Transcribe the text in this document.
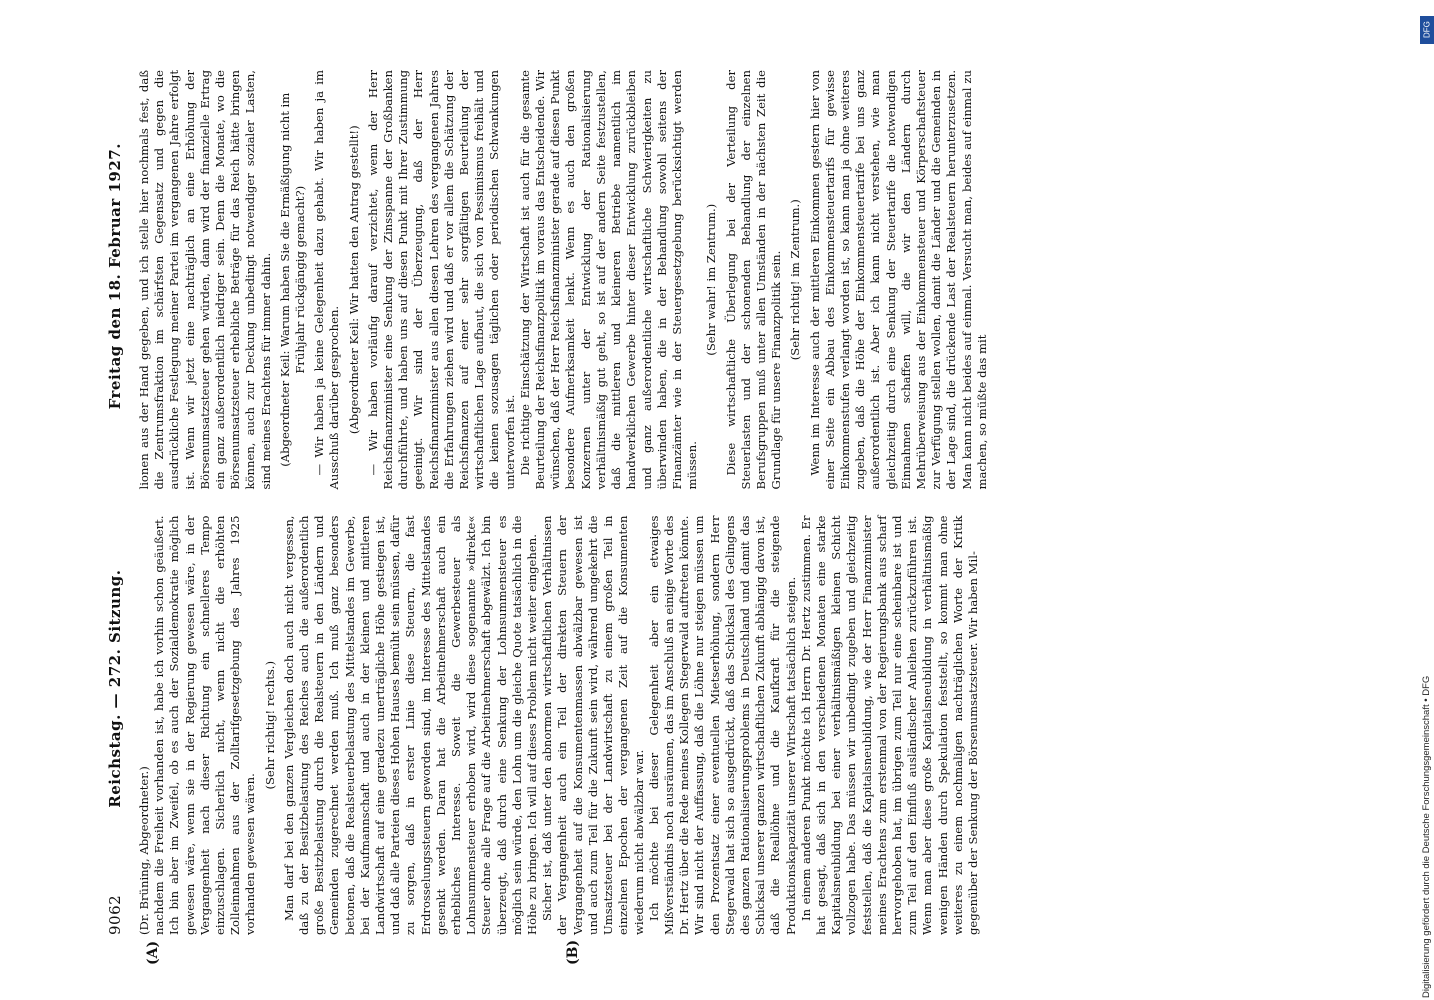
9062
Reichstag. — 272. Sitzung.
Freitag den 18. Februar 1927.

(Dr. Brüning, Abgeordneter.) nachdem die Freiheit vorhanden ist, habe ich vorhin schon geäußert. Ich bin aber im Zweifel, ob es auch der Sozialdemokratie möglich gewesen wäre, wenn sie in der Regierung gewesen wäre, in der Vergangenheit nach dieser Richtung ein schnelleres Tempo einzuschlagen. Sicherlich nicht, wenn nicht die erhöhten Zolleinnahmen aus der Zolltarifgesetzgebung des Jahres 1925 vorhanden gewesen wären.

(Sehr richtig! rechts.) Man darf bei den ganzen Vergleichen doch auch nicht vergessen, daß zu der Besitzbelastung des Reiches auch die außerordentlich große Besitzbelastung durch die Realsteuern in den Ländern und Gemeinden zugerechnet werden muß. Ich muß ganz besonders betonen, daß die Realsteuerbelastung des Mittelstandes im Gewerbe, bei der Kaufmannschaft und auch in der kleinen und mittleren Landwirtschaft auf eine geradezu unerträgliche Höhe gestiegen ist, und daß alle Parteien dieses Hohen Hauses bemüht sein müssen, dafür zu sorgen, daß in erster Linie diese Steuern, die fast Erdrosselungssteuern geworden sind, im Interesse des Mittelstandes gesenkt werden. Daran hat die Arbeitnehmerschaft auch ein erhebliches Interesse. Soweit die Gewerbesteuer als Lohnsummensteuer erhoben wird, wird diese sogenannte »direkte« Steuer ohne alle Frage auf die Arbeitnehmerschaft abgewälzt. Ich bin überzeugt, daß durch eine Senkung der Lohnsummensteuer es möglich sein würde, den Lohn um die gleiche Quote tatsächlich in die Höhe zu bringen. Ich will auf dieses Problem nicht weiter eingehen. Sicher ist, daß unter den abnormen wirtschaftlichen Verhältnissen der Vergangenheit auch ein Teil der direkten Steuern der Vergangenheit auf die Konsumentenmassen abwälzbar gewesen ist und auch zum Teil für die Zukunft sein wird, während umgekehrt die Umsatzsteuer bei der Landwirtschaft zu einem großen Teil in einzelnen Epochen der vergangenen Zeit auf die Konsumenten wiederum nicht abwälzbar war. Ich möchte bei dieser Gelegenheit aber ein etwaiges Mißverständnis noch ausräumen, das im Anschluß an einige Worte des Dr. Hertz über die Rede meines Kollegen Stegerwald auftreten könnte. Wir sind nicht der Auffassung, daß die Löhne nur steigen müssen um den Prozentsatz einer eventuellen Mietserhöhung, sondern Herr Stegerwald hat sich so ausgedrückt, daß das Schicksal des Gelingens des ganzen Rationalisierungsproblems in Deutschland und damit das Schicksal unserer ganzen wirtschaftlichen Zukunft abhängig davon ist, daß die Reallöhne und die Kaufkraft für die steigende Produktionskapazität unserer Wirtschaft tatsächlich steigen. In einem anderen Punkt möchte ich Herrn Dr. Hertz zustimmen. Er hat gesagt, daß sich in den verschiedenen Monaten eine starke Kapitalsneubildung bei einer verhältnismäßigen kleinen Schicht vollzogen habe. Das müssen wir unbedingt zugeben und gleichzeitig feststellen, daß die Kapitalsneubildung, wie der Herr Finanzminister meines Erachtens zum erstenmal von der Regierungsbank aus scharf hervorgehoben hat, im übrigen zum Teil nur eine scheinbare ist und zum Teil auf den Einfluß ausländischer Anleihen zurückzuführen ist. Wenn man aber diese große Kapitalsneubildung in verhältnismäßig wenigen Händen durch Spekulation feststellt, so kommt man ohne weiteres zu einem nochmaligen nachträglichen Worte der Kritik gegenüber der Senkung der Börsenumsatzsteuer. Wir haben Mil-

lionen aus der Hand gegeben, und ich stelle hier nochmals fest, daß die Zentrumsfraktion im schärfsten Gegensatz und gegen die ausdrückliche Festlegung meiner Partei im vergangenen Jahre erfolgt ist. Wenn wir jetzt eine nachträglich an eine Erhöhung der Börsenumsatzsteuer gehen würden, dann wird der finanzielle Ertrag ein ganz außerordentlich niedriger sein. Denn die Monate, wo die Börsenumsatzsteuer erhebliche Beträge für das Reich hätte bringen können, auch zur Deckung unbedingt notwendiger sozialer Lasten, sind meines Erachtens für immer dahin. (Abgeordneter Keil: Warum haben Sie die Ermäßigung nicht im Frühjahr rückgängig gemacht?) — Wir haben ja keine Gelegenheit dazu gehabt. Wir haben ja im Ausschuß darüber gesprochen. (Abgeordneter Keil: Wir hatten den Antrag gestellt!) — Wir haben vorläufig darauf verzichtet, wenn der Herr Reichsfinanzminister eine Senkung der Zinsspanne der Großbanken durchführte, und haben uns auf diesen Punkt mit Ihrer Zustimmung geeinigt. Wir sind der Überzeugung, daß der Herr Reichsfinanzminister aus allen diesen Lehren des vergangenen Jahres die Erfahrungen ziehen wird und daß er vor allem die Schätzung der Reichsfinanzen auf einer sehr sorgfältigen Beurteilung der wirtschaftlichen Lage aufbaut, die sich von Pessimismus freihält und die keinen sozusagen täglichen oder periodischen Schwankungen unterworfen ist. Die richtige Einschätzung der Wirtschaft ist auch für die gesamte Beurteilung der Reichsfinanzpolitik im voraus das Entscheidende. Wir wünschen, daß der Herr Reichsfinanzminister gerade auf diesen Punkt besondere Aufmerksamkeit lenkt. Wenn es auch den großen Konzernen unter der Entwicklung der Rationalisierung verhältnismäßig gut geht, so ist auf der andern Seite festzustellen, daß die mittleren und kleineren Betriebe namentlich im handwerklichen Gewerbe hinter dieser Entwicklung zurückbleiben und ganz außerordentliche wirtschaftliche Schwierigkeiten zu überwinden haben, die in der Behandlung sowohl seitens der Finanzämter wie in der Steuergesetzgebung berücksichtigt werden müssen.

(Sehr wahr! im Zentrum.) Diese wirtschaftliche Überlegung bei der Verteilung der Steuerlasten und der schonenden Behandlung der einzelnen Berufsgruppen muß unter allen Umständen in der nächsten Zeit die Grundlage für unsere Finanzpolitik sein. (Sehr richtig! im Zentrum.) Wenn im Interesse auch der mittleren Einkommen gestern hier von einer Seite ein Abbau des Einkommensteuertarifs für gewisse Einkommenstufen verlangt worden ist, so kann man ja ohne weiteres zugeben, daß die Höhe der Einkommensteuertarife bei uns ganz außerordentlich ist. Aber ich kann nicht verstehen, wie man gleichzeitig durch eine Senkung der Steuertarife die notwendigen Einnahmen schaffen will, die wir den Ländern durch Mehrüberweisung aus der Einkommensteuer und Körperschaftsteuer zur Verfügung stellen wollen, damit die Länder und die Gemeinden in der Lage sind, die drückende Last der Realsteuern herunterzusetzen. Man kann nicht beides auf einmal. Versucht man, beides auf einmal zu machen, so müßte das mit

(A)	(B)
DFG
Digitalisierung gefördert durch die Deutsche Forschungsgemeinschaft • DFG
